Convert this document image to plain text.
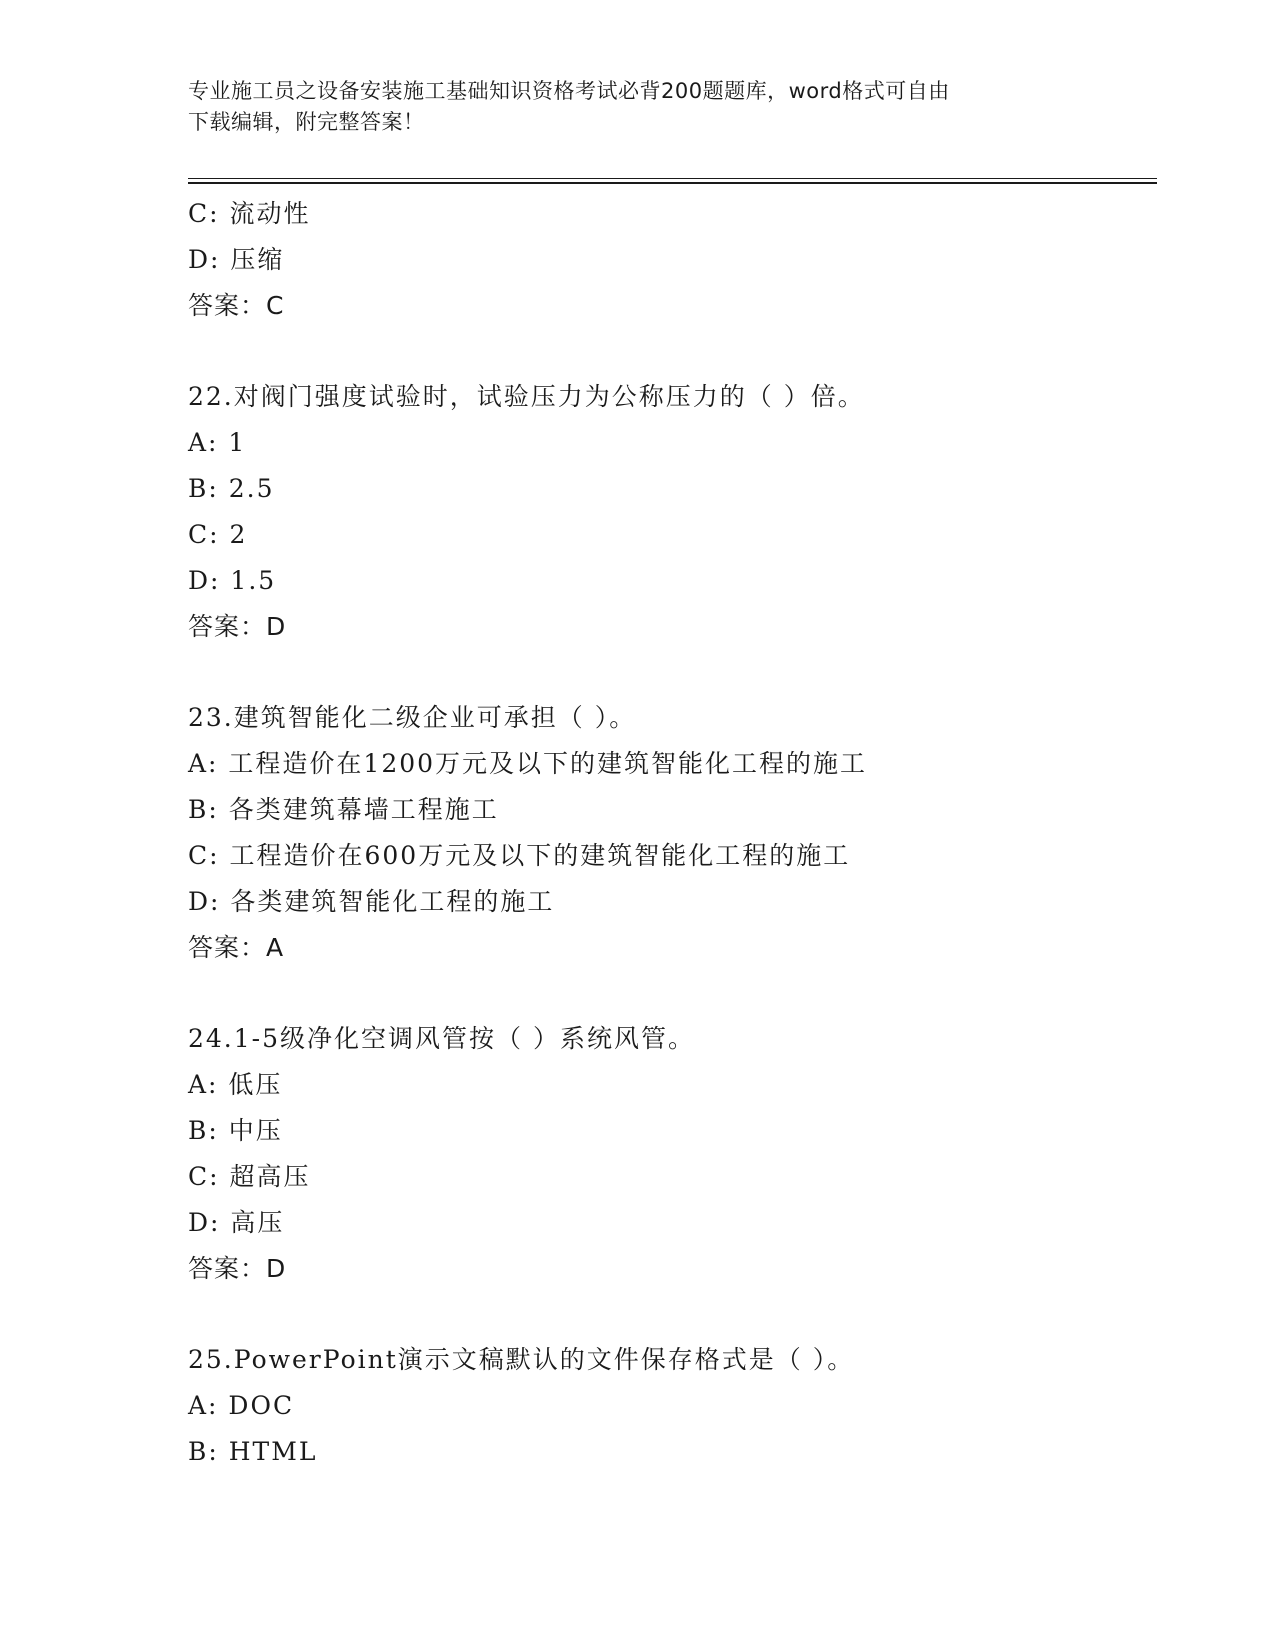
专业施工员之设备安装施工基础知识资格考试必背200题题库，word格式可自由
下载编辑，附完整答案！
C: 流动性
D: 压缩
答案：C
22.对阀门强度试验时，试验压力为公称压力的（ ）倍。
A: 1
B: 2.5
C: 2
D: 1.5
答案：D
23.建筑智能化二级企业可承担（ ）。
A: 工程造价在1200万元及以下的建筑智能化工程的施工
B: 各类建筑幕墙工程施工
C: 工程造价在600万元及以下的建筑智能化工程的施工
D: 各类建筑智能化工程的施工
答案：A
24.1-5级净化空调风管按（ ）系统风管。
A: 低压
B: 中压
C: 超高压
D: 高压
答案：D
25.PowerPoint演示文稿默认的文件保存格式是（ ）。
A: DOC
B: HTML
